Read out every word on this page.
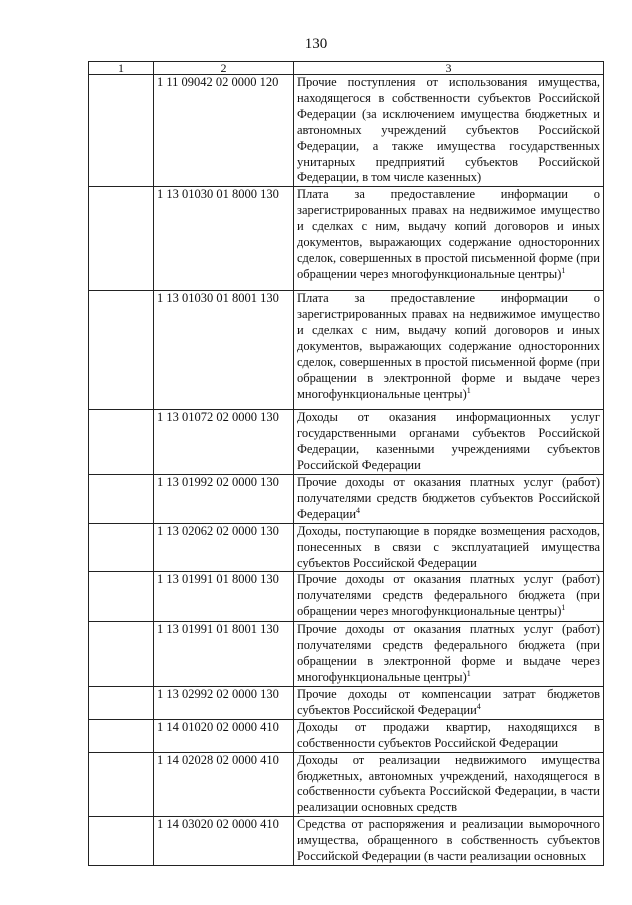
130
1	2	3
	1 11 09042 02 0000 120	Прочие поступления от использования имущества, находящегося в собственности субъектов Российской Федерации (за исключением имущества бюджетных и автономных учреждений субъектов Российской Федерации, а также имущества государственных унитарных предприятий субъектов Российской Федерации, в том числе казенных)
	1 13 01030 01 8000 130	Плата за предоставление информации о зарегистрированных правах на недвижимое имущество и сделках с ним, выдачу копий договоров и иных документов, выражающих содержание односторонних сделок, совершенных в простой письменной форме (при обращении через многофункциональные центры)$^1$
	1 13 01030 01 8001 130	Плата за предоставление информации о зарегистрированных правах на недвижимое имущество и сделках с ним, выдачу копий договоров и иных документов, выражающих содержание односторонних сделок, совершенных в простой письменной форме (при обращении в электронной форме и выдаче через многофункциональные центры)$^1$
	1 13 01072 02 0000 130	Доходы от оказания информационных услуг государственными органами субъектов Российской Федерации, казенными учреждениями субъектов Российской Федерации
	1 13 01992 02 0000 130	Прочие доходы от оказания платных услуг (работ) получателями средств бюджетов субъектов Российской Федерации$^4$
	1 13 02062 02 0000 130	Доходы, поступающие в порядке возмещения расходов, понесенных в связи с эксплуатацией имущества субъектов Российской Федерации
	1 13 01991 01 8000 130	Прочие доходы от оказания платных услуг (работ) получателями средств федерального бюджета (при обращении через многофункциональные центры)$^1$
	1 13 01991 01 8001 130	Прочие доходы от оказания платных услуг (работ) получателями средств федерального бюджета (при обращении в электронной форме и выдаче через многофункциональные центры)$^1$
	1 13 02992 02 0000 130	Прочие доходы от компенсации затрат бюджетов субъектов Российской Федерации$^4$
	1 14 01020 02 0000 410	Доходы от продажи квартир, находящихся в собственности субъектов Российской Федерации
	1 14 02028 02 0000 410	Доходы от реализации недвижимого имущества бюджетных, автономных учреждений, находящегося в собственности субъекта Российской Федерации, в части реализации основных средств
	1 14 03020 02 0000 410	Средства от распоряжения и реализации выморочного имущества, обращенного в собственность субъектов Российской Федерации (в части реализации основных
